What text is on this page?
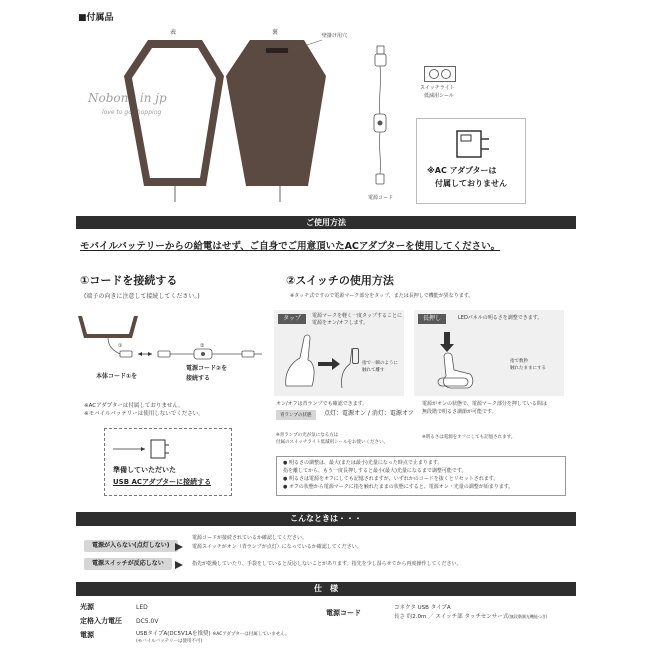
■付属品
表	裏	壁掛け用穴
Nobong in jp
love to go shopping
電源コード
スイッチライト
低減用シール
※AC アダプターは
付属しておりません
ご使用方法
モバイルバッテリーからの給電はせず、ご自身でご用意頂いたACアダプターを使用してください。
①コードを接続する
(端子の向きに注意して接続してください。)
①	②
本体コード①を
電源コード②を
接続する
※ACアダプターは付属しておりません。
※モバイルバッテリーは使用しないでください。
準備していただいた
USB ACアダプターに接続する
②スイッチの使用方法
※タッチ式ですので電源マーク部分をタップ、または長押しで機能が異なります。
タップ	電源マークを軽く一度タップすることに
電源をオン/オフします。
指で一瞬のように
触れて離す
長押し	LEDパネルの明るさを調整できます。
指で数秒
触れたままにする
オン/オフは青ランプでも確認できます。
青ランプの状態	点灯：電源オン / 消灯：電源オフ
※青ランプの光が気になる方は
付属のスイッチライト低減用シールをお使いください。
電源がオンの状態で、電源マーク部分を押している間は
無段階で明るさ調節が可能です。
※明るさは電源をオフにしても記憶されます。
● 明るさの調整は、最大(または最小)光量になった時点で止まります。
指を離してから、もう一度長押しすると最小(最大)光量になるまで調整可能です。
● 明るさは電源をオフにしても記憶されますが、いずれかのコードを抜くとリセットされます。
● オフの状態から電源マークに指を触れたままの状態にすると、電源オン・光量の調整が始まります。
こんなときは・・・
電源が入らない(点灯しない)
電源コードが接続されているか確認してください。
電源スイッチがオン（青ランプが点灯）になっているか確認してください。
電源スイッチが反応しない	指先が乾燥していたり、手袋をしていると反応しないことがあります。指先を少し湿らせてから再度操作してください。
仕　様
光源	LED
定格入力電圧 DC5.0V
電源	USBタイプA(DC5V1Aを推奨) ※ACアダプターは付属していません。
(モバイルバッテリーは使用不可)
電源コード
コネクタ USB タイプA
長さ 約2.0m ／ スイッチ部 タッチセンサー式(無段階調光機能つき)
